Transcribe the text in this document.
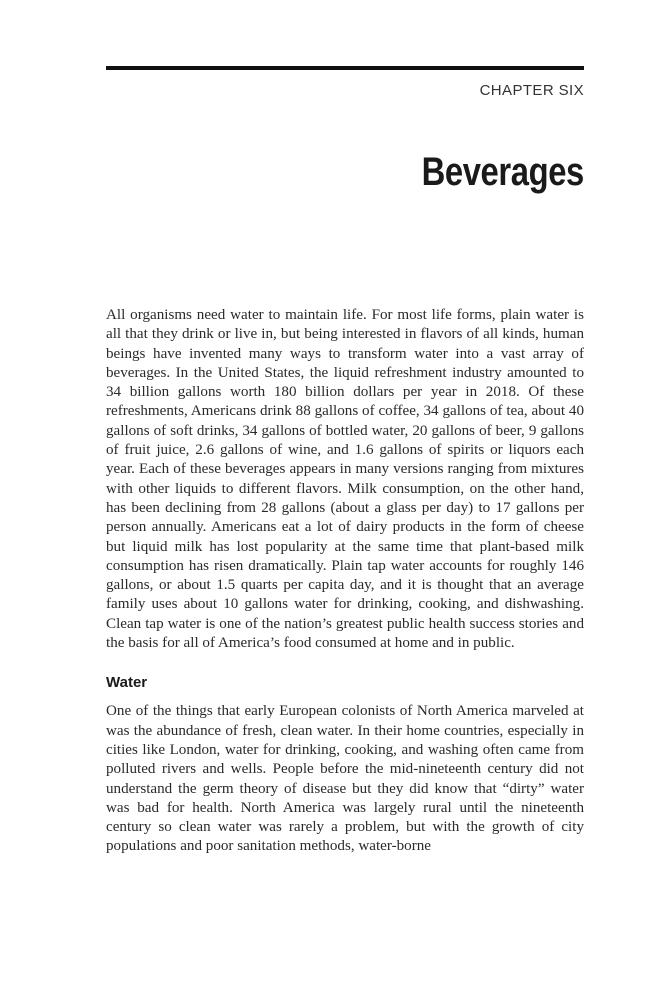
CHAPTER SIX

Beverages

All organisms need water to maintain life. For most life forms, plain water is all that they drink or live in, but being interested in flavors of all kinds, human beings have invented many ways to transform water into a vast array of beverages. In the United States, the liquid refreshment industry amounted to 34 billion gallons worth 180 billion dollars per year in 2018. Of these refreshments, Americans drink 88 gallons of coffee, 34 gallons of tea, about 40 gallons of soft drinks, 34 gallons of bottled water, 20 gallons of beer, 9 gallons of fruit juice, 2.6 gallons of wine, and 1.6 gallons of spirits or liquors each year. Each of these beverages appears in many versions ranging from mixtures with other liquids to different flavors. Milk consumption, on the other hand, has been declining from 28 gallons (about a glass per day) to 17 gallons per person annually. Americans eat a lot of dairy products in the form of cheese but liquid milk has lost popularity at the same time that plant-based milk consumption has risen dramatically. Plain tap water accounts for roughly 146 gallons, or about 1.5 quarts per capita day, and it is thought that an average family uses about 10 gallons water for drinking, cooking, and dishwashing. Clean tap water is one of the nation’s greatest public health success stories and the basis for all of America’s food consumed at home and in public.

Water

One of the things that early European colonists of North America marveled at was the abundance of fresh, clean water. In their home countries, especially in cities like London, water for drinking, cooking, and washing often came from polluted rivers and wells. People before the mid-nineteenth century did not understand the germ theory of disease but they did know that “dirty” water was bad for health. North America was largely rural until the nineteenth century so clean water was rarely a problem, but with the growth of city populations and poor sanitation methods, water-borne
